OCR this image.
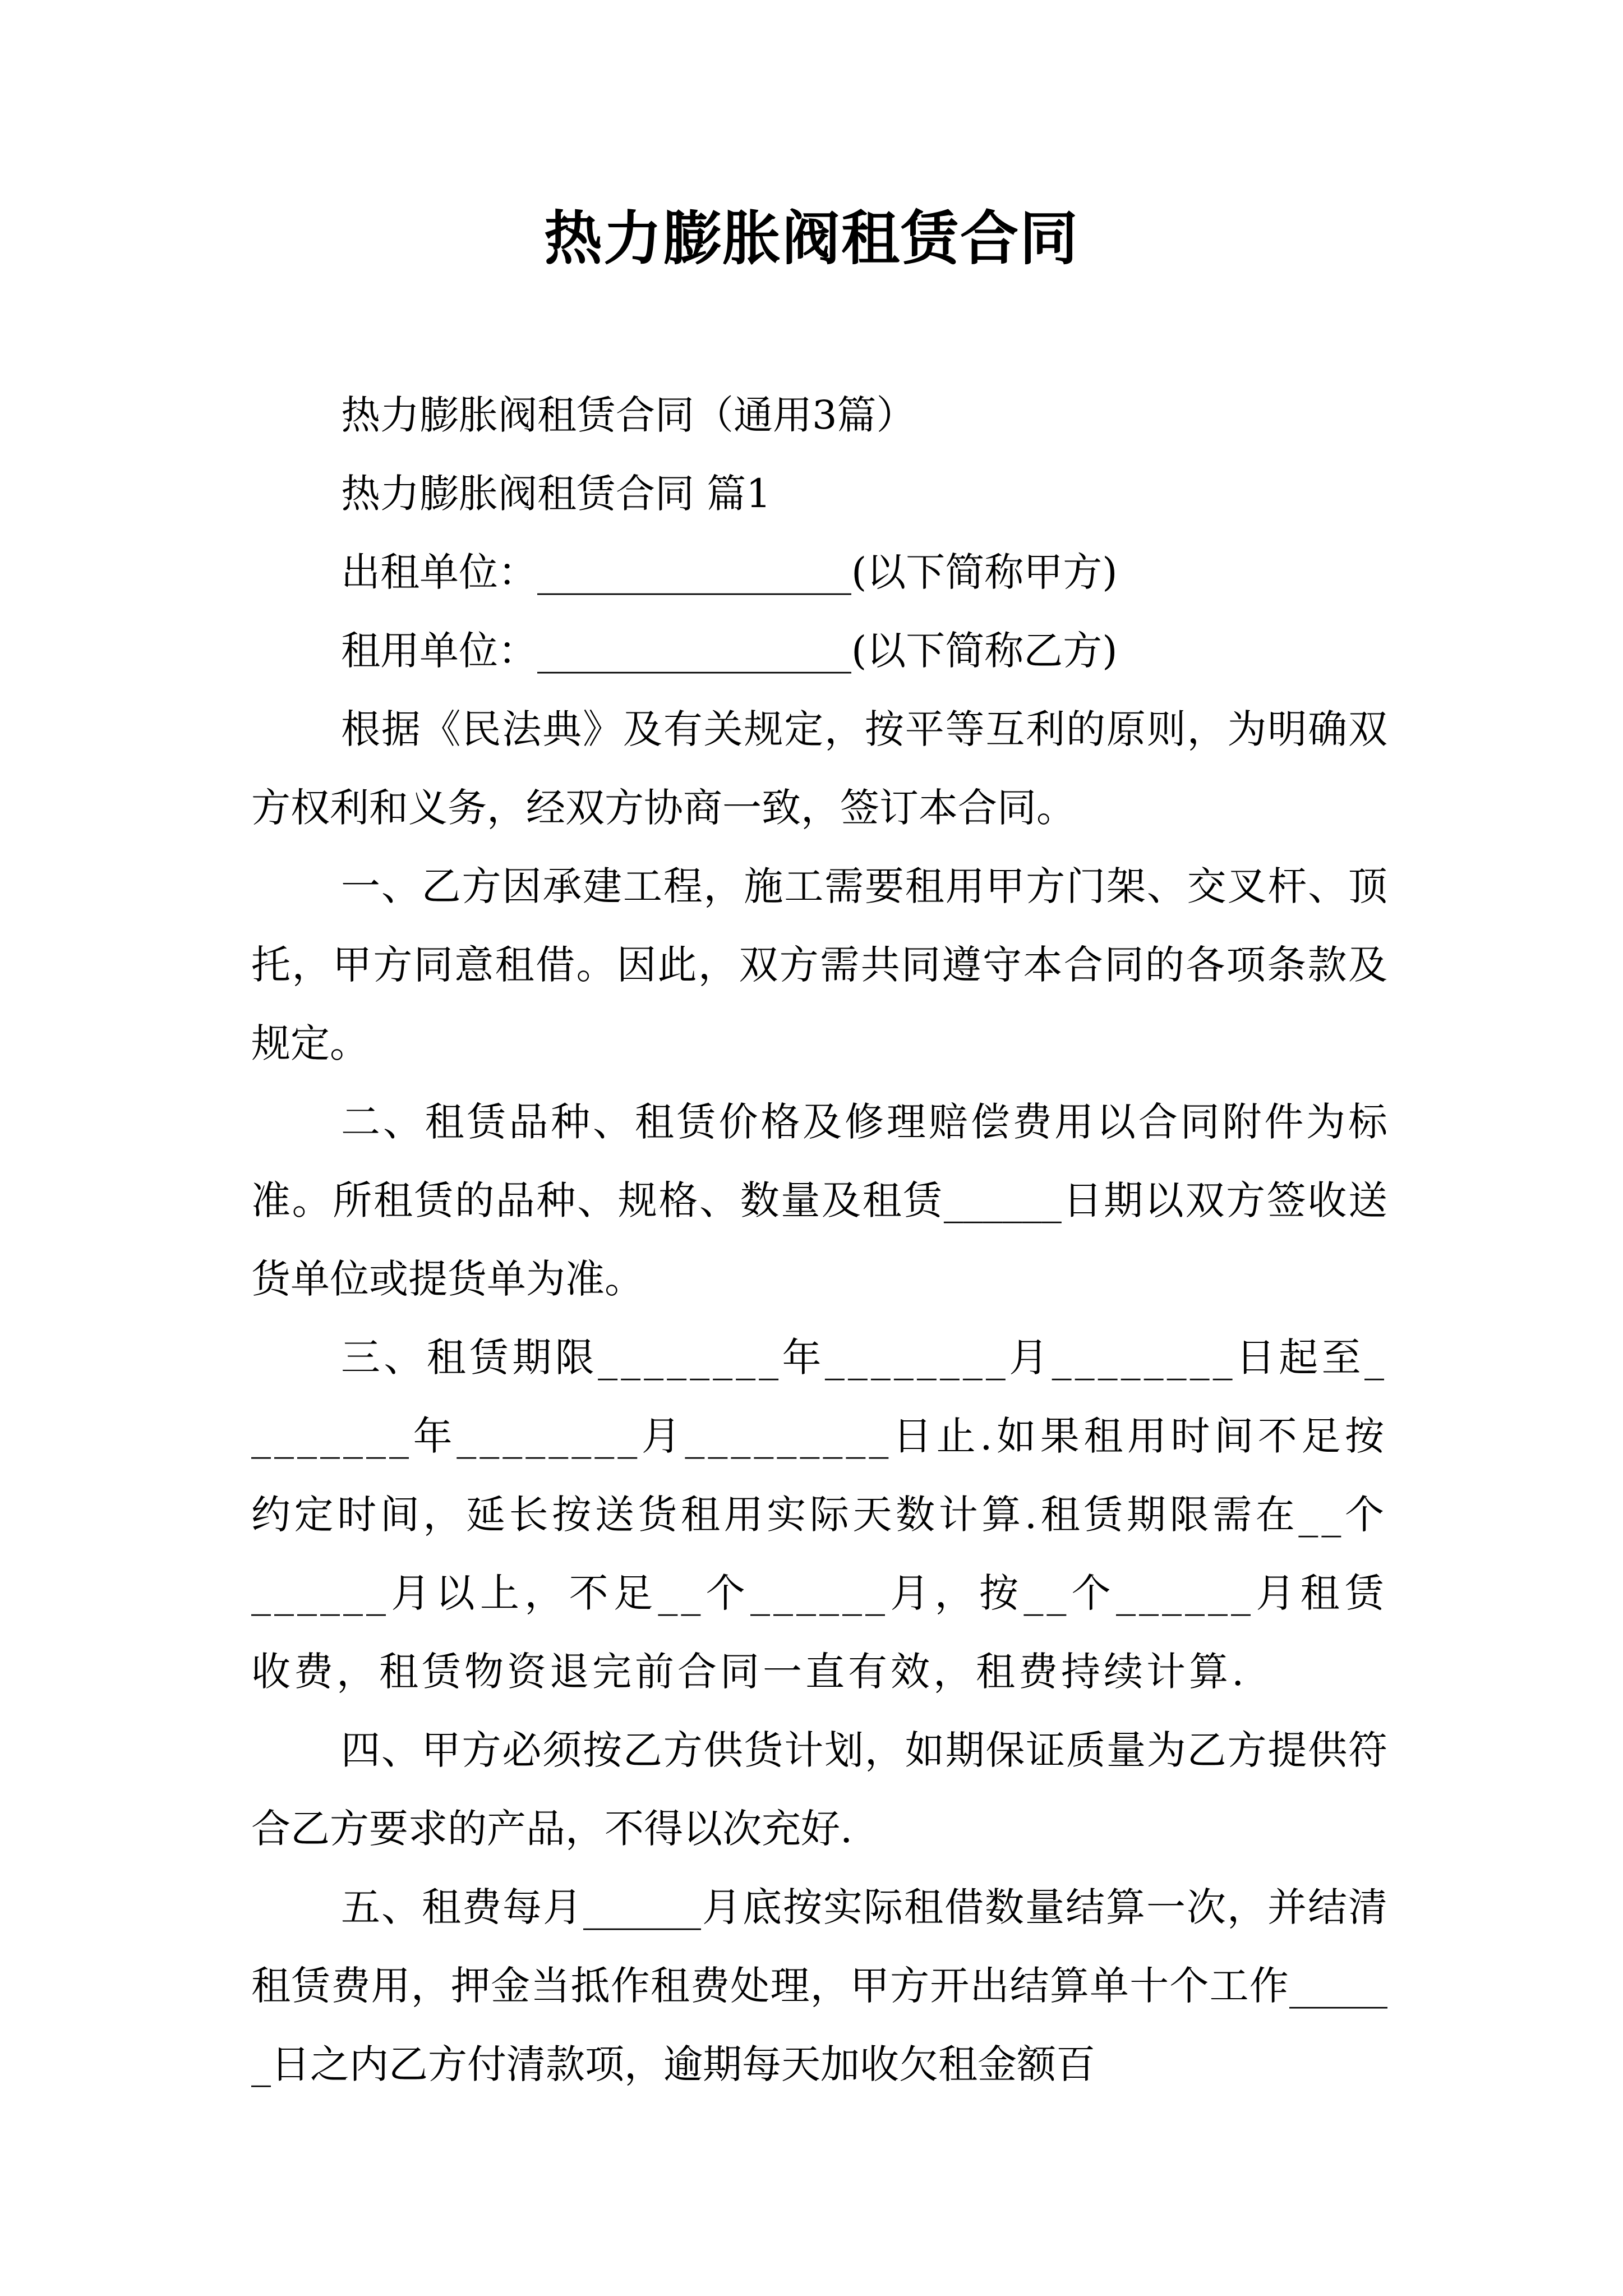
热力膨胀阀租赁合同

热力膨胀阀租赁合同（通用3篇）

热力膨胀阀租赁合同 篇1

出租单位：________________(以下简称甲方)

租用单位：________________(以下简称乙方)

根据《民法典》及有关规定，按平等互利的原则，为明确双方权利和义务，经双方协商一致，签订本合同。

一、乙方因承建工程，施工需要租用甲方门架、交叉杆、顶托，甲方同意租借。因此，双方需共同遵守本合同的各项条款及规定。

二、租赁品种、租赁价格及修理赔偿费用以合同附件为标准。所租赁的品种、规格、数量及租赁______日期以双方签收送货单位或提货单为准。

三、租赁期限________年________月________日起至________年________月_________日止.如果租用时间不足按约定时间，延长按送货租用实际天数计算.租赁期限需在__个______月以上，不足__个______月，按__个______月租赁收费，租赁物资退完前合同一直有效，租费持续计算.

四、甲方必须按乙方供货计划，如期保证质量为乙方提供符合乙方要求的产品，不得以次充好.

五、租费每月______月底按实际租借数量结算一次，并结清租赁费用，押金当抵作租费处理，甲方开出结算单十个工作______日之内乙方付清款项，逾期每天加收欠租金额百
